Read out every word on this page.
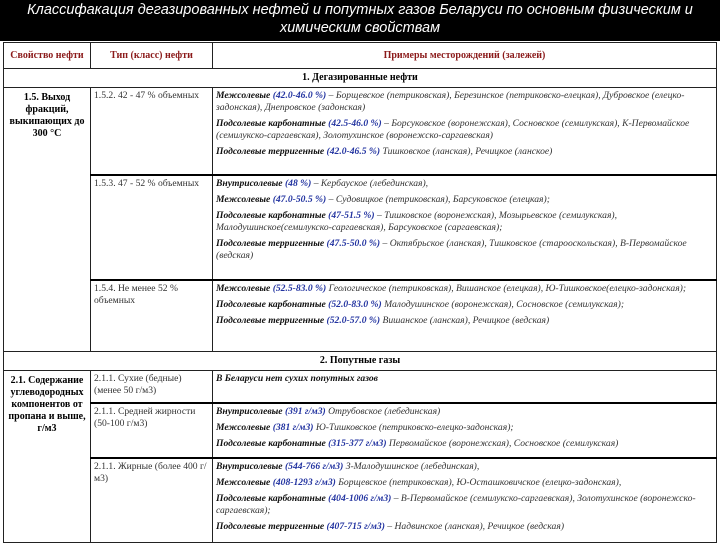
Классифакация дегазированных нефтей и попутных газов Беларуси по основным физическим и химическим свойствам
Свойство нефти	Тип (класс) нефти	Примеры месторождений (залежей)
1. Дегазированные нефти		
1.5. Выход фракций, выкипающих до 300 °С	1.5.2. 42 - 47 % объемных	Межсолевые (42.0-46.0 %) – Борщевское (петриковская), Березинское (петриковско-елецкая), Дубровское (елецко-задонская), Днепровское (задонская)
Подсолевые карбонатные (42.5-46.0 %) – Борсуковское (воронежская), Сосновское (семилукская), К-Первомайское (семилукско-саргаевская), Золотухинское (воронежско-саргаевская)
Подсолевые терригенные (42.0-46.5 %) Тишковское (ланская), Речицкое (ланское)

	1.5.3. 47 - 52 % объемных	Внутрисолевые (48 %) – Кербауское (лебединская),
Межсолевые (47.0-50.5 %) – Судовицкое (петриковская), Барсуковское (елецкая);
Подсолевые карбонатные (47-51.5 %) – Тишковское (воронежская), Мозырьевское (семилукская), Малодушинское(семилукско-саргаевская), Барсуковское (саргаевская);
Подсолевые терригенные (47.5-50.0 %) – Октябрьское (ланская), Тишковское (старооскольская), В-Первомайское (ведская)

	1.5.4. Не менее 52 % объемных	Межсолевые (52.5-83.0 %) Геологическое (петриковская), Вишанское (елецкая), Ю-Тишковское(елецко-задонская);
Подсолевые карбонатные (52.0-83.0 %) Малодушинское (воронежская), Сосновское (семилукская);
Подсолевые терригенные (52.0-57.0 %) Вишанское (ланская), Речицкое (ведская)

2. Попутные газы		
2.1. Содержание углеводородных компонентов от пропана и выше, г/м3	2.1.1. Сухие (бедные) (менее 50 г/м3)	В Беларуси нет сухих попутных газов

	2.1.1. Средней жирности (50-100 г/м3)	Внутрисолевые (391 г/м3) Отрубовское (лебединская)
Межсолевые (381 г/м3) Ю-Тишковское (петриковско-елецко-задонская);
Подсолевые карбонатные (315-377 г/м3) Первомайское (воронежская), Сосновское (семилукская)

	2.1.1. Жирные (более 400 г/м3)	Внутрисолевые (544-766 г/м3) З-Малодушинское (лебединская),
Межсолевые (408-1293 г/м3) Борщевское (петриковская), Ю-Осташковичское (елецко-задонская),
Подсолевые карбонатные (404-1006 г/м3) – В-Первомайское (семилукско-саргаевская), Золотухинское (воронежско-саргаевская);
Подсолевые терригенные (407-715 г/м3) – Надвинское (ланская), Речицкое (ведская)
